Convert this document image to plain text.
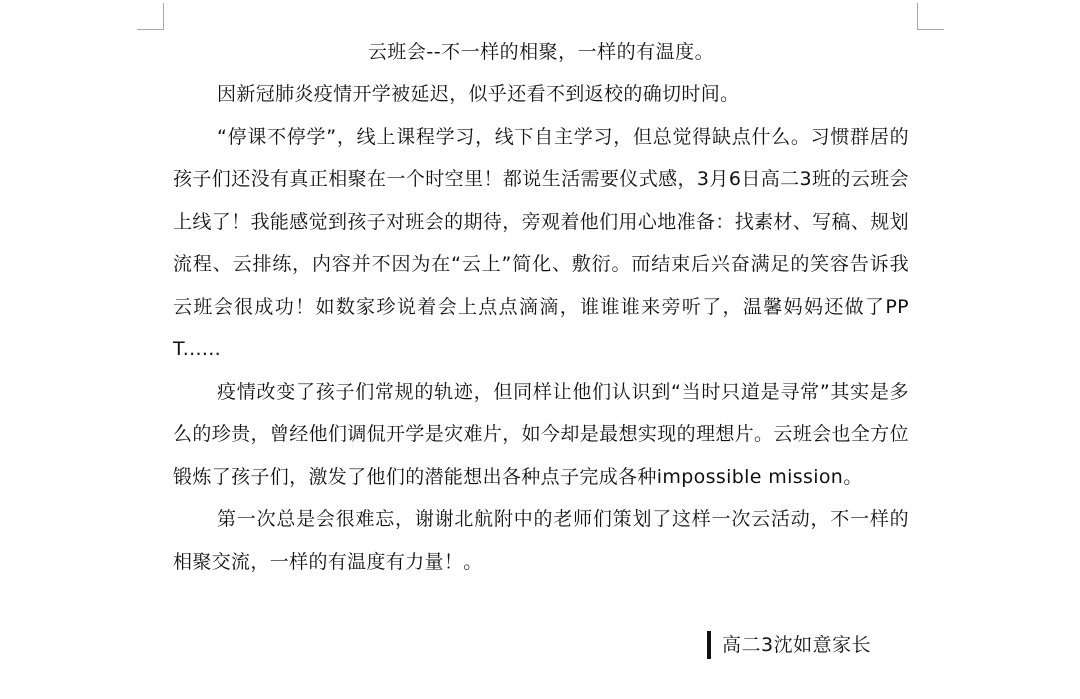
云班会--不一样的相聚，一样的有温度。

因新冠肺炎疫情开学被延迟，似乎还看不到返校的确切时间。

“停课不停学”，线上课程学习，线下自主学习，但总觉得缺点什么。习惯群居的孩子们还没有真正相聚在一个时空里！都说生活需要仪式感，3月6日高二3班的云班会上线了！我能感觉到孩子对班会的期待，旁观着他们用心地准备：找素材、写稿、规划流程、云排练，内容并不因为在“云上”简化、敷衍。而结束后兴奋满足的笑容告诉我云班会很成功！如数家珍说着会上点点滴滴，谁谁谁来旁听了，温馨妈妈还做了PPT......

疫情改变了孩子们常规的轨迹，但同样让他们认识到“当时只道是寻常”其实是多么的珍贵，曾经他们调侃开学是灾难片，如今却是最想实现的理想片。云班会也全方位锻炼了孩子们，激发了他们的潜能想出各种点子完成各种impossible mission。

第一次总是会很难忘，谢谢北航附中的老师们策划了这样一次云活动，不一样的相聚交流，一样的有温度有力量！。

高二3沈如意家长
